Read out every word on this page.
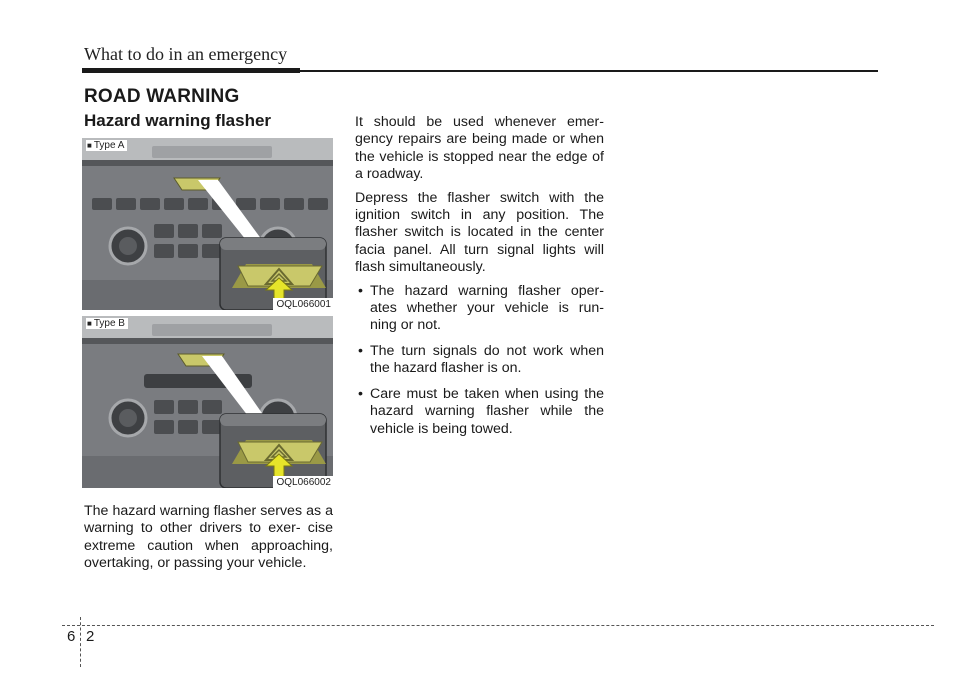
What to do in an emergency
ROAD WARNING
Hazard warning flasher
■ Type A
OQL066001
■ Type B
OQL066002

The hazard warning flasher serves as a warning to other drivers to exer- cise extreme caution when approaching, overtaking, or passing your vehicle.

It should be used whenever emer- gency repairs are being made or when the vehicle is stopped near the edge of a roadway.

Depress the flasher switch with the ignition switch in any position. The flasher switch is located in the center facia panel. All turn signal lights will flash simultaneously.

• The hazard warning flasher oper- ates whether your vehicle is run- ning or not.
• The turn signals do not work when the hazard flasher is on.
• Care must be taken when using the hazard warning flasher while the vehicle is being towed.
6 2
